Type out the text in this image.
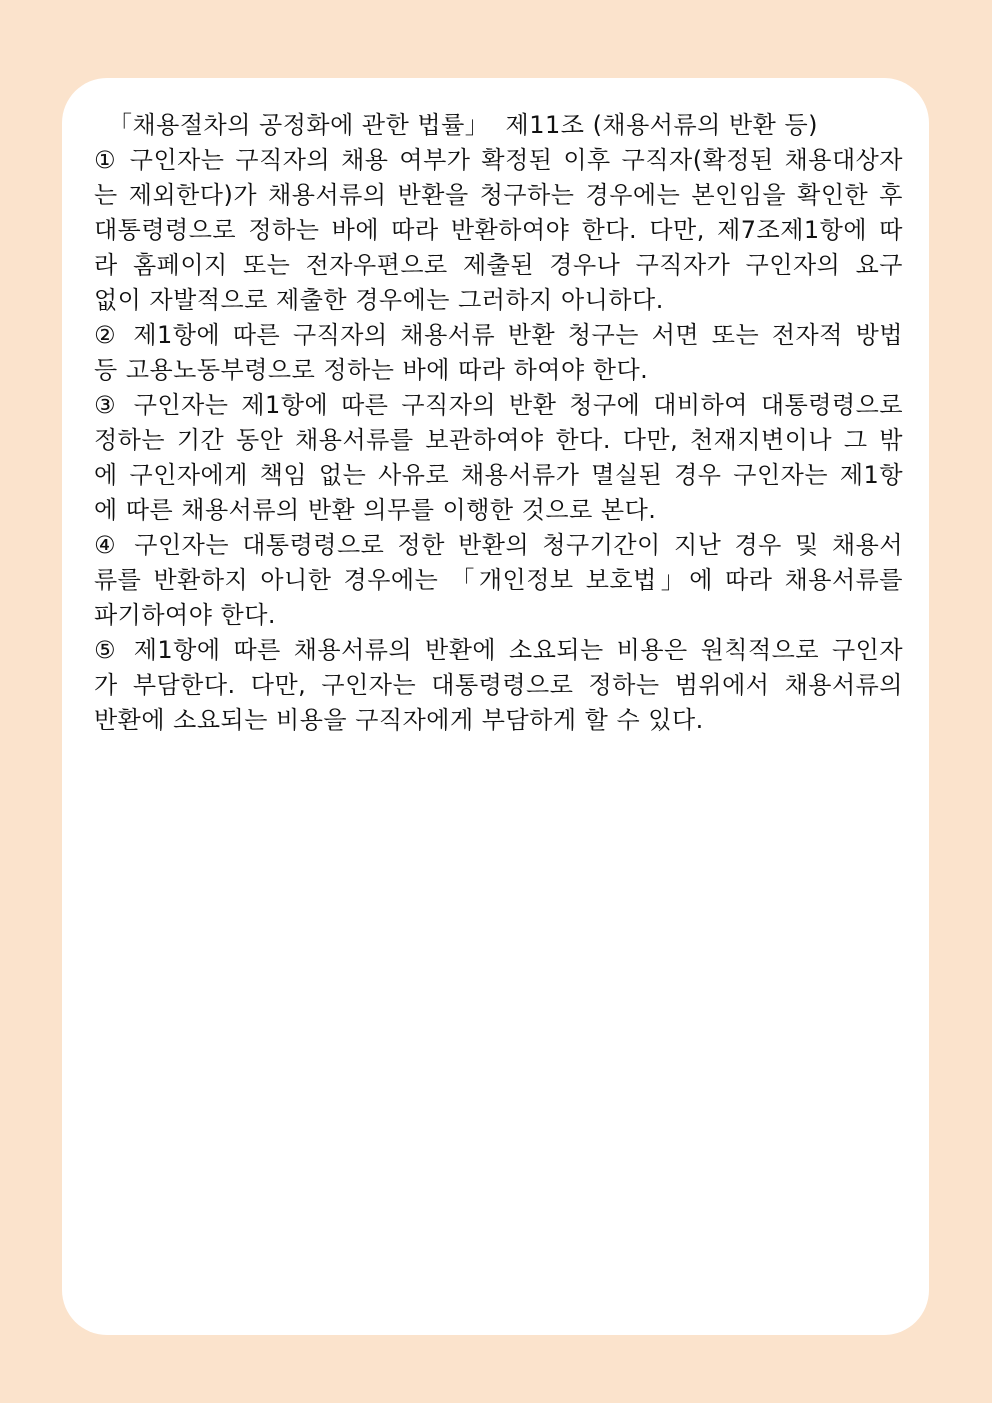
「채용절차의 공정화에 관한 법률」  제11조 (채용서류의 반환 등)
① 구인자는 구직자의 채용 여부가 확정된 이후 구직자(확정된 채용대상자
는 제외한다)가 채용서류의 반환을 청구하는 경우에는 본인임을 확인한 후
대통령령으로 정하는 바에 따라 반환하여야 한다. 다만, 제7조제1항에 따
라 홈페이지 또는 전자우편으로 제출된 경우나 구직자가 구인자의 요구
없이 자발적으로 제출한 경우에는 그러하지 아니하다.
② 제1항에 따른 구직자의 채용서류 반환 청구는 서면 또는 전자적 방법
등 고용노동부령으로 정하는 바에 따라 하여야 한다.
③ 구인자는 제1항에 따른 구직자의 반환 청구에 대비하여 대통령령으로
정하는 기간 동안 채용서류를 보관하여야 한다. 다만, 천재지변이나 그 밖
에 구인자에게 책임 없는 사유로 채용서류가 멸실된 경우 구인자는 제1항
에 따른 채용서류의 반환 의무를 이행한 것으로 본다.
④ 구인자는 대통령령으로 정한 반환의 청구기간이 지난 경우 및 채용서
류를 반환하지 아니한 경우에는 「개인정보 보호법」에 따라 채용서류를
파기하여야 한다.
⑤ 제1항에 따른 채용서류의 반환에 소요되는 비용은 원칙적으로 구인자
가 부담한다. 다만, 구인자는 대통령령으로 정하는 범위에서 채용서류의
반환에 소요되는 비용을 구직자에게 부담하게 할 수 있다.
